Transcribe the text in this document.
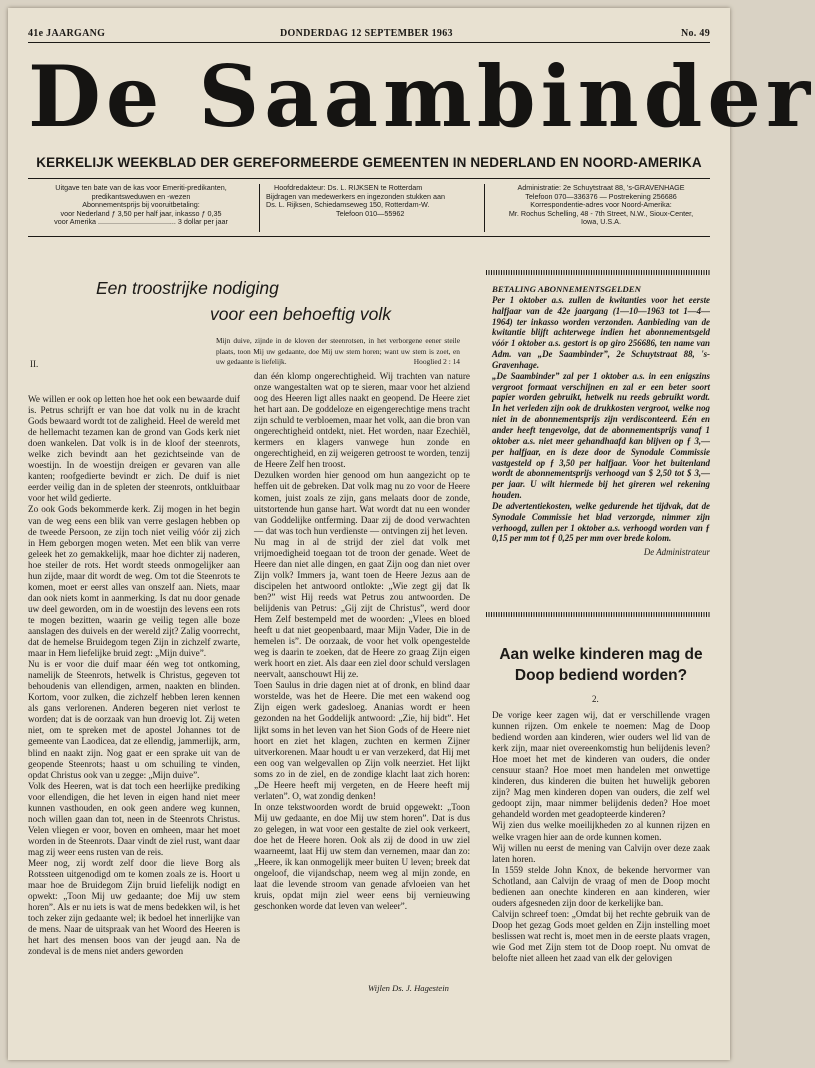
41e JAARGANG	DONDERDAG 12 SEPTEMBER 1963	No. 49
De Saambinder
KERKELIJK WEEKBLAD DER GEREFORMEERDE GEMEENTEN IN NEDERLAND EN NOORD-AMERIKA
Uitgave ten bate van de kas voor Emeriti-predikanten,
predikantsweduwen en -wezen
Abonnementsprijs bij vooruitbetaling:
voor Nederland ƒ 3,50 per half jaar, inkasso ƒ 0,35
voor Amerika ....................................... 3 dollar per jaar
Hoofdredakteur: Ds. L. RIJKSEN te Rotterdam
Bijdragen van medewerkers en ingezonden stukken aan
Ds. L. Rijksen, Schiedamseweg 150, Rotterdam-W.
Telefoon 010—55962
Administratie: 2e Schuytstraat 88, 's-GRAVENHAGE
Telefoon 070—336376 — Postrekening 256686
Korrespondentie-adres voor Noord-Amerika:
Mr. Rochus Schelling, 48 - 7th Street, N.W., Sioux-Center,
Iowa, U.S.A.
Een troostrijke nodiging
voor een behoeftig volk
Mijn duive, zijnde in de kloven der steenrotsen, in het verborgene eener steile plaats, toon Mij uw gedaante, doe Mij uw stem horen; want uw stem is zoet, en uw gedaante is liefelijk.	Hooglied 2 : 14
II.

We willen er ook op letten hoe het ook een bewaarde duif is. Petrus schrijft er van hoe dat volk nu in de kracht Gods bewaard wordt tot de zaligheid. Heel de wereld met de hellemacht tezamen kan de grond van Gods kerk niet doen wankelen. Dat volk is in de kloof der steenrots, welke zich bevindt aan het gezichtseinde van de woestijn. In de woestijn dreigen er gevaren van alle kanten; roofgedierte bevindt er zich. De duif is niet eerder veilig dan in de spleten der steenrots, ontkluitbaar voor het wild gedierte.

Zo ook Gods bekommerde kerk. Zij mogen in het begin van de weg eens een blik van verre geslagen hebben op de tweede Persoon, ze zijn toch niet veilig vóór zij zich in Hem geborgen mogen weten. Met een blik van verre geleek het zo gemakkelijk, maar hoe dichter zij naderen, hoe steiler de rots. Het wordt steeds onmogelijker aan hun zijde, maar dit wordt de weg. Om tot die Steenrots te komen, moet er eerst alles van onszelf aan. Niets, maar dan ook niets komt in aanmerking. Is dat nu door genade uw deel geworden, om in de woestijn des levens een rots te mogen bezitten, waarin ge veilig tegen alle boze aanslagen des duivels en der wereld zijt? Zalig voorrecht, dat de hemelse Bruidegom tegen Zijn in zichzelf zwarte, maar in Hem liefelijke bruid zegt: „Mijn duive”.

Nu is er voor die duif maar één weg tot ontkoming, namelijk de Steenrots, hetwelk is Christus, gegeven tot behoudenis van ellendigen, armen, naakten en blinden. Kortom, voor zulken, die zichzelf hebben leren kennen als gans verlorenen. Anderen begeren niet verlost te worden; dat is de oorzaak van hun droevig lot. Zij weten niet, om te spreken met de apostel Johannes tot de gemeente van Laodicea, dat ze ellendig, jammerlijk, arm, blind en naakt zijn. Nog gaat er een sprake uit van de geopende Steenrots; haast u om schuiling te vinden, opdat Christus ook van u zegge: „Mijn duive”.

Volk des Heeren, wat is dat toch een heerlijke prediking voor ellendigen, die het leven in eigen hand niet meer kunnen vasthouden, en ook geen andere weg kunnen, noch willen gaan dan tot, neen in de Steenrots Christus. Velen vliegen er voor, boven en omheen, maar het moet worden in de Steenrots. Daar vindt de ziel rust, want daar mag zij weer eens rusten van de reis.

Meer nog, zij wordt zelf door die lieve Borg als Rotssteen uitgenodigd om te komen zoals ze is. Hoort u maar hoe de Bruidegom Zijn bruid liefelijk nodigt en opwekt: „Toon Mij uw gedaante; doe Mij uw stem horen”. Als er nu iets is wat de mens bedekken wil, is het toch zeker zijn gedaante wel; ik bedoel het innerlijke van de mens. Naar de uitspraak van het Woord des Heeren is het hart des mensen boos van der jeugd aan. Na de zondeval is de mens niet anders geworden

dan één klomp ongerechtigheid. Wij trachten van nature onze wangestalten wat op te sieren, maar voor het alziend oog des Heeren ligt alles naakt en geopend. De Heere ziet het hart aan. De goddeloze en eigengerechtige mens tracht zijn schuld te verbloemen, maar het volk, aan die bron van ongerechtigheid ontdekt, niet. Het worden, naar Ezechiël, kermers en klagers vanwege hun zonde en ongerechtigheid, en zij weigeren getroost te worden, tenzij de Heere Zelf hen troost.

Dezulken worden hier genood om hun aangezicht op te heffen uit de gebreken. Dat volk mag nu zo voor de Heere komen, juist zoals ze zijn, gans melaats door de zonde, uitstortende hun ganse hart. Wat wordt dat nu een wonder van Goddelijke ontferming. Daar zij de dood verwachten — dat was toch hun verdienste — ontvingen zij het leven.

Nu mag in al de strijd der ziel dat volk met vrijmoedigheid toegaan tot de troon der genade. Weet de Heere dan niet alle dingen, en gaat Zijn oog dan niet over Zijn volk? Immers ja, want toen de Heere Jezus aan de discipelen het antwoord ontlokte: „Wie zegt gij dat Ik ben?” wist Hij reeds wat Petrus zou antwoorden. De belijdenis van Petrus: „Gij zijt de Christus”, werd door Hem Zelf bestempeld met de woorden: „Vlees en bloed heeft u dat niet geopenbaard, maar Mijn Vader, Die in de hemelen is”. De oorzaak, de voor het volk opengestelde weg is daarin te zoeken, dat de Heere zo graag Zijn eigen werk hoort en ziet. Als daar een ziel door schuld verslagen neervalt, aanschouwt Hij ze.

Toen Saulus in drie dagen niet at of dronk, en blind daar worstelde, was het de Heere. Die met een wakend oog Zijn eigen werk gadesloeg. Ananias wordt er heen gezonden na het Goddelijk antwoord: „Zie, hij bidt”. Het lijkt soms in het leven van het Sion Gods of de Heere niet hoort en ziet het klagen, zuchten en kermen Zijner uitverkorenen. Maar houdt u er van verzekerd, dat Hij met een oog van welgevallen op Zijn volk neerziet. Het lijkt soms zo in de ziel, en de zondige klacht laat zich horen: „De Heere heeft mij vergeten, en de Heere heeft mij verlaten”. O, wat zondig denken!

In onze tekstwoorden wordt de bruid opgewekt: „Toon Mij uw gedaante, en doe Mij uw stem horen”. Dat is dus zo gelegen, in wat voor een gestalte de ziel ook verkeert, doe het de Heere horen. Ook als zij de dood in uw ziel waarneemt, laat Hij uw stem dan vernemen, maar dan zo: „Heere, ik kan onmogelijk meer buiten U leven; breek dat ongeloof, die vijandschap, neem weg al mijn zonde, en laat die levende stroom van genade afvloeien van het kruis, opdat mijn ziel weer eens bij vernieuwing geschonken worde dat leven van weleer”.

Wijlen Ds. J. Hagestein
BETALING ABONNEMENTSGELDEN
Per 1 oktober a.s. zullen de kwitanties voor het eerste halfjaar van de 42e jaargang (1—10—1963 tot 1—4—1964) ter inkasso worden verzonden. Aanbieding van de kwitantie blijft achterwege indien het abonnementsgeld vóór 1 oktober a.s. gestort is op giro 256686, ten name van Adm. van „De Saambinder”, 2e Schuytstraat 88, 's-Gravenhage.
„De Saambinder” zal per 1 oktober a.s. in een enigszins vergroot formaat verschijnen en zal er een beter soort papier worden gebruikt, hetwelk nu reeds gebruikt wordt. In het verleden zijn ook de drukkosten vergroot, welke nog niet in de abonnementsprijs zijn verdisconteerd. Eén en ander heeft tengevolge, dat de abonnementsprijs vanaf 1 oktober a.s. niet meer gehandhaafd kan blijven op ƒ 3,— per halfjaar, en is deze door de Synodale Commissie vastgesteld op ƒ 3,50 per halfjaar. Voor het buitenland wordt de abonnementsprijs verhoogd van $ 2,50 tot $ 3,— per jaar. U wilt hiermede bij het gireren wel rekening houden.
De advertentiekosten, welke gedurende het tijdvak, dat de Synodale Commissie het blad verzorgde, nimmer zijn verhoogd, zullen per 1 oktober a.s. verhoogd worden van ƒ 0,15 per mm tot ƒ 0,25 per mm over brede kolom.
De Administrateur
Aan welke kinderen mag de Doop bediend worden?
2.

De vorige keer zagen wij, dat er verschillende vragen kunnen rijzen. Om enkele te noemen: Mag de Doop bediend worden aan kinderen, wier ouders wel lid van de kerk zijn, maar niet overeenkomstig hun belijdenis leven? Hoe moet het met de kinderen van ouders, die onder censuur staan? Hoe moet men handelen met onwettige kinderen, dus kinderen die buiten het huwelijk geboren zijn? Mag men kinderen dopen van ouders, die zelf wel gedoopt zijn, maar nimmer belijdenis deden? Hoe moet gehandeld worden met geadopteerde kinderen?

Wij zien dus welke moeilijkheden zo al kunnen rijzen en welke vragen hier aan de orde kunnen komen.

Wij willen nu eerst de mening van Calvijn over deze zaak laten horen.

In 1559 stelde John Knox, de bekende hervormer van Schotland, aan Calvijn de vraag of men de Doop mocht bedienen aan onechte kinderen en aan kinderen, wier ouders afgesneden zijn door de kerkelijke ban.

Calvijn schreef toen: „Omdat bij het rechte gebruik van de Doop het gezag Gods moet gelden en Zijn instelling moet beslissen wat recht is, moet men in de eerste plaats vragen, wie God met Zijn stem tot de Doop roept. Nu omvat de belofte niet alleen het zaad van elk der gelovigen
